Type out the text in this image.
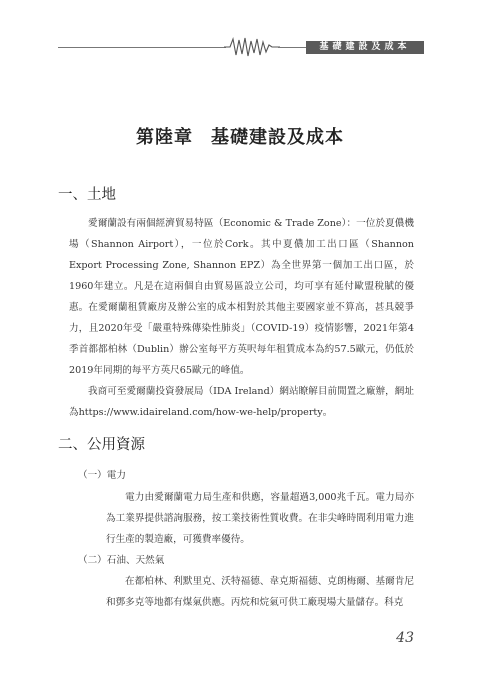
基礎建設及成本
第陸章 基礎建設及成本
一、土地
愛爾蘭設有兩個經濟貿易特區（Economic & Trade Zone）：一位於夏儂機場（Shannon Airport），一位於Cork。其中夏儂加工出口區（Shannon Export Processing Zone, Shannon EPZ）為全世界第一個加工出口區，於1960年建立。凡是在這兩個自由貿易區設立公司，均可享有延付歐盟稅賦的優惠。 在愛爾蘭租賃廠房及辦公室的成本相對於其他主要國家並不算高，甚具競爭力，且2020年受「嚴重特殊傳染性肺炎」（COVID-19）疫情影響，2021年第4季首都都柏林（Dublin）辦公室每平方英呎每年租賃成本為約57.5歐元，仍低於2019年同期的每平方英尺65歐元的峰值。
我商可至愛爾蘭投資發展局（IDA Ireland）網站瞭解目前閒置之廠辦，網址為https://www.idaireland.com/how-we-help/property。
二、公用資源
（一）電力
電力由愛爾蘭電力局生產和供應，容量超過3,000兆千瓦。電力局亦為工業界提供諮詢服務，按工業技術性質收費。在非尖峰時間利用電力進行生產的製造廠，可獲費率優待。
（二）石油、天然氣
在都柏林、利默里克、沃特福德、韋克斯福德、克朗梅爾、基爾肯尼和鄧多克等地都有煤氣供應。丙烷和烷氣可供工廠現場大量儲存。科克
43
